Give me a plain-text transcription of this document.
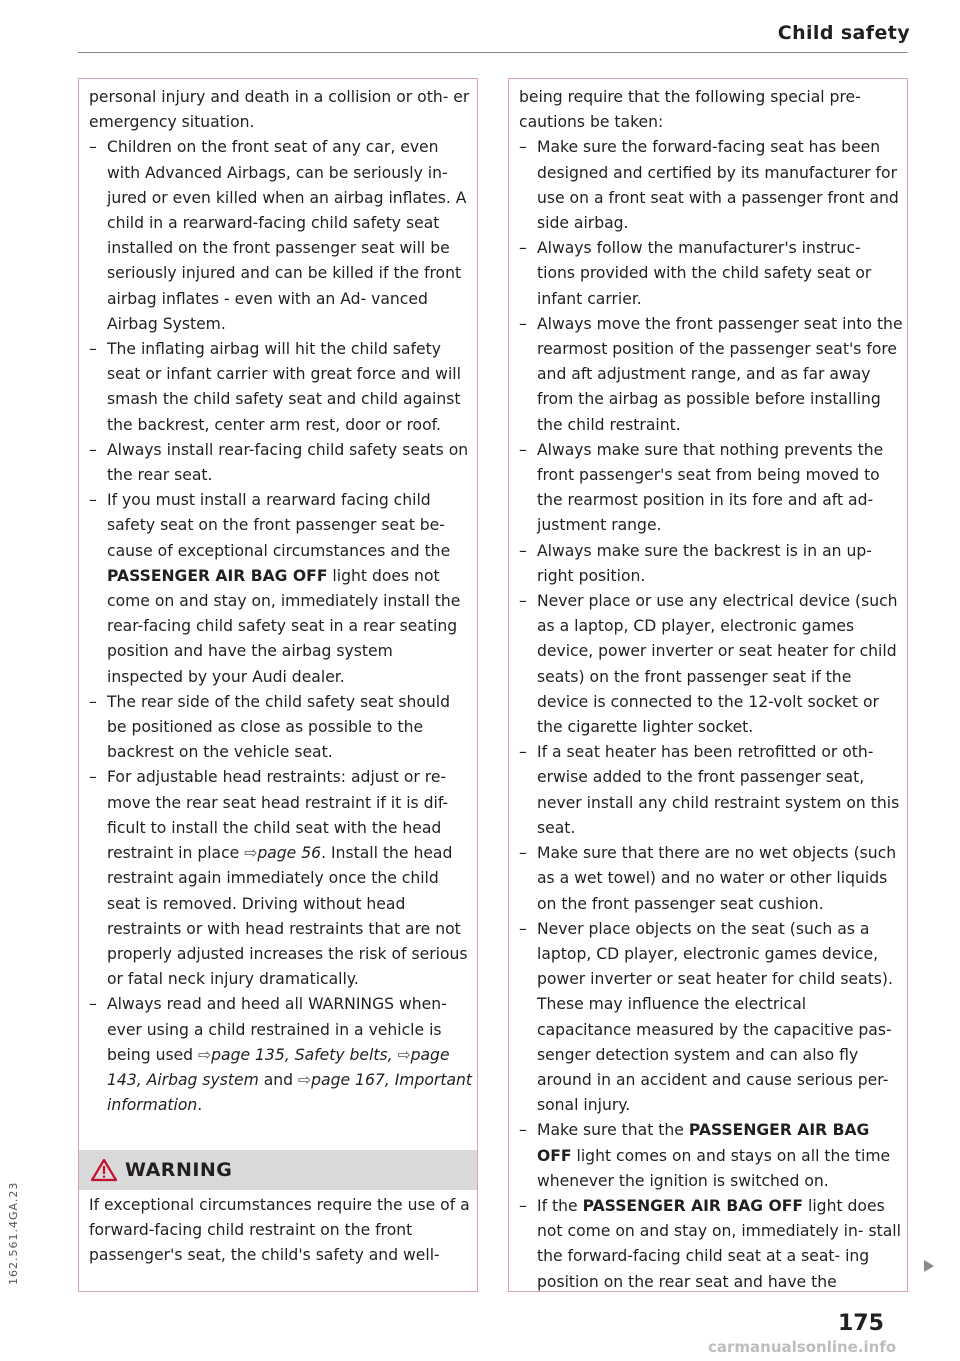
Child safety

personal injury and death in a collision or oth- er emergency situation.

– Children on the front seat of any car, even with Advanced Airbags, can be seriously in- jured or even killed when an airbag inflates. A child in a rearward-facing child safety seat installed on the front passenger seat will be seriously injured and can be killed if the front airbag inflates - even with an Ad- vanced Airbag System.
– The inflating airbag will hit the child safety seat or infant carrier with great force and will smash the child safety seat and child against the backrest, center arm rest, door or roof.
– Always install rear-facing child safety seats on the rear seat.
– If you must install a rearward facing child safety seat on the front passenger seat be- cause of exceptional circumstances and the PASSENGER AIR BAG OFF light does not come on and stay on, immediately install the rear-facing child safety seat in a rear seating position and have the airbag system inspected by your Audi dealer.
– The rear side of the child safety seat should be positioned as close as possible to the backrest on the vehicle seat.
– For adjustable head restraints: adjust or re- move the rear seat head restraint if it is dif- ficult to install the child seat with the head restraint in place ⇨page 56. Install the head restraint again immediately once the child seat is removed. Driving without head restraints or with head restraints that are not properly adjusted increases the risk of serious or fatal neck injury dramatically.
– Always read and heed all WARNINGS when- ever using a child restrained in a vehicle is being used ⇨page 135, Safety belts, ⇨page 143, Airbag system and ⇨page 167, Important information.
WARNING

If exceptional circumstances require the use of a forward-facing child restraint on the front passenger's seat, the child's safety and well-

being require that the following special pre- cautions be taken:

– Make sure the forward-facing seat has been designed and certified by its manufacturer for use on a front seat with a passenger front and side airbag.
– Always follow the manufacturer's instruc- tions provided with the child safety seat or infant carrier.
– Always move the front passenger seat into the rearmost position of the passenger seat's fore and aft adjustment range, and as far away from the airbag as possible before installing the child restraint.
– Always make sure that nothing prevents the front passenger's seat from being moved to the rearmost position in its fore and aft ad- justment range.
– Always make sure the backrest is in an up- right position.
– Never place or use any electrical device (such as a laptop, CD player, electronic games device, power inverter or seat heater for child seats) on the front passenger seat if the device is connected to the 12-volt socket or the cigarette lighter socket.
– If a seat heater has been retrofitted or oth- erwise added to the front passenger seat, never install any child restraint system on this seat.
– Make sure that there are no wet objects (such as a wet towel) and no water or other liquids on the front passenger seat cushion.
– Never place objects on the seat (such as a laptop, CD player, electronic games device, power inverter or seat heater for child seats). These may influence the electrical capacitance measured by the capacitive pas- senger detection system and can also fly around in an accident and cause serious per- sonal injury.
– Make sure that the PASSENGER AIR BAG OFF light comes on and stays on all the time whenever the ignition is switched on.
– If the PASSENGER AIR BAG OFF light does not come on and stay on, immediately in- stall the forward-facing child seat at a seat- ing position on the rear seat and have the
175
162.561.4GA.23
carmanualsonline.info
